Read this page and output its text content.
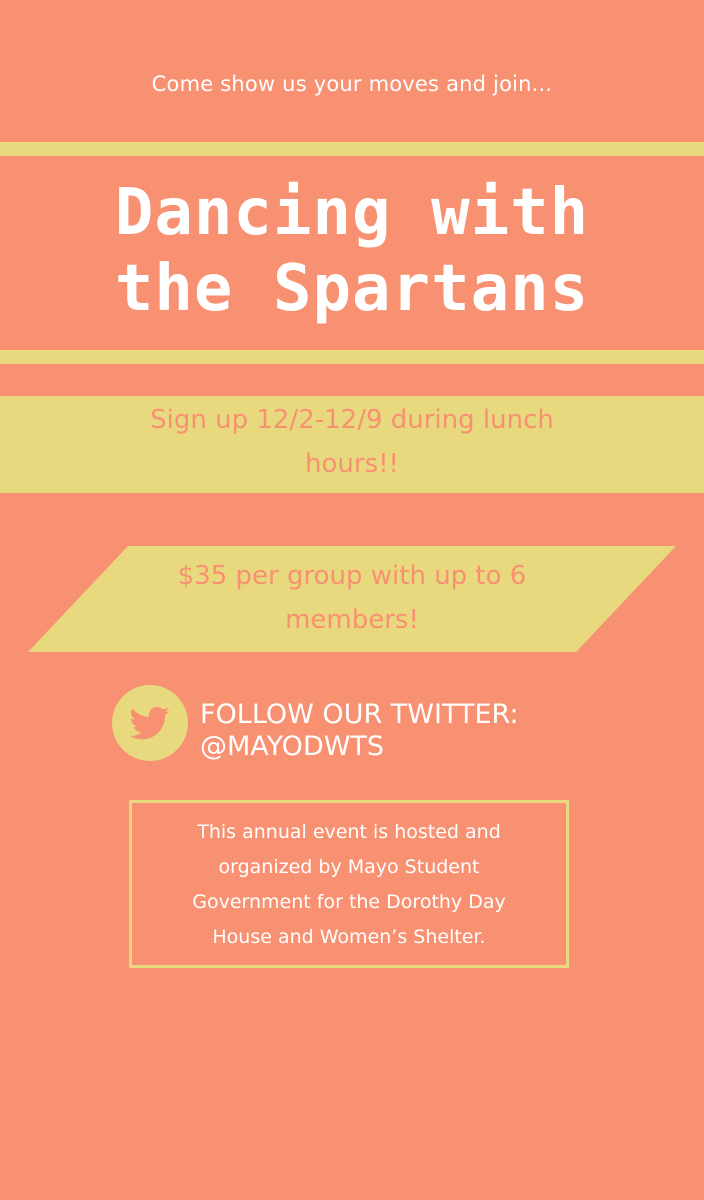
Come show us your moves and join...
Dancing with
the Spartans
Sign up 12/2-12/9 during lunch
hours!!
$35 per group with up to 6
members!
FOLLOW OUR TWITTER:
@MAYODWTS
This annual event is hosted and
organized by Mayo Student
Government for the Dorothy Day
House and Women’s Shelter.
